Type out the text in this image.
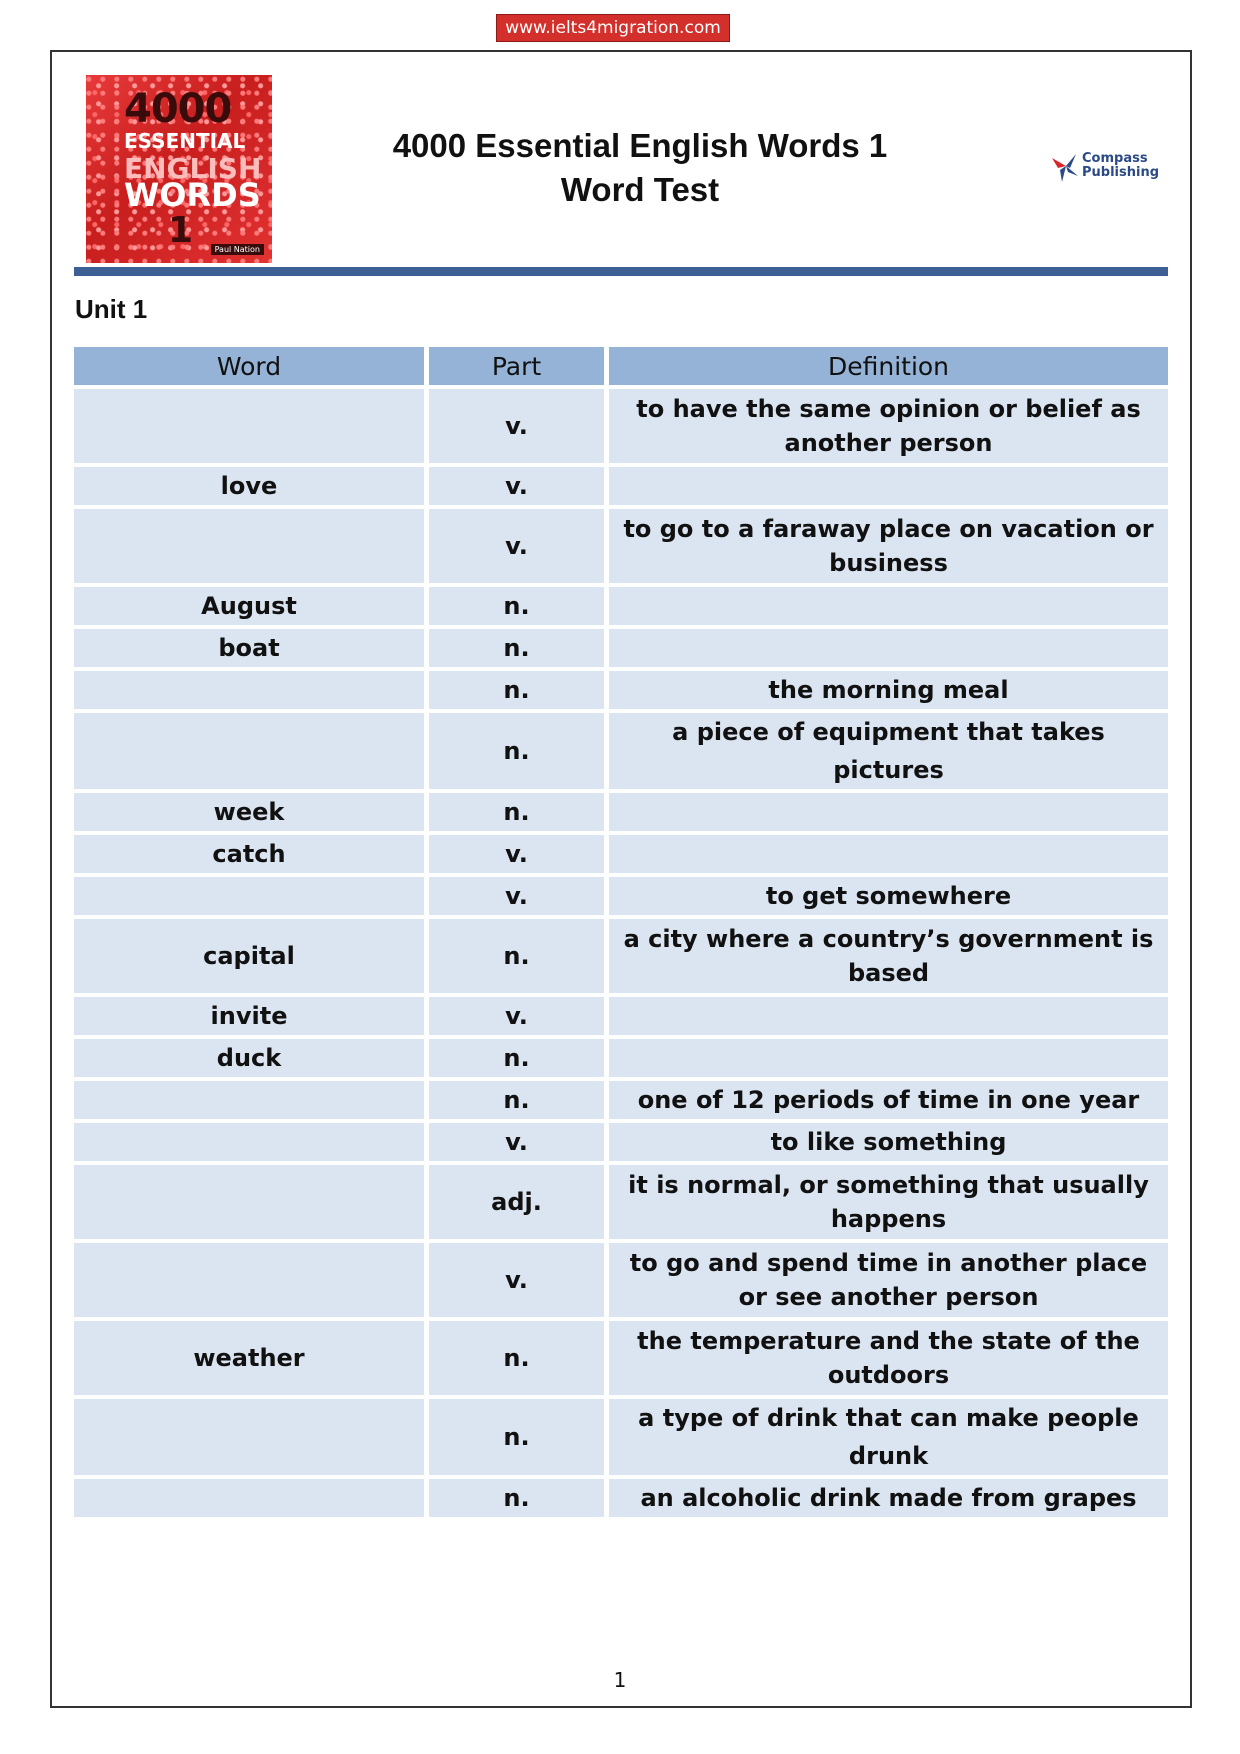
www.ielts4migration.com
4000
ESSENTIAL
ENGLISH
WORDS
1	Paul Nation
4000 Essential English Words 1
Word Test
Compass
Publishing
Unit 1
Word	Part	Definition
	v.	to have the same opinion or belief as another person
love	v.	
	v.	to go to a faraway place on vacation or business
August	n.	
boat	n.	
	n.	the morning meal
	n.	a piece of equipment that takes pictures
week	n.	
catch	v.	
	v.	to get somewhere
capital	n.	a city where a country’s government is based
invite	v.	
duck	n.	
	n.	one of 12 periods of time in one year
	v.	to like something
	adj.	it is normal, or something that usually happens
	v.	to go and spend time in another place or see another person
weather	n.	the temperature and the state of the outdoors
	n.	a type of drink that can make people drunk
	n.	an alcoholic drink made from grapes
1
